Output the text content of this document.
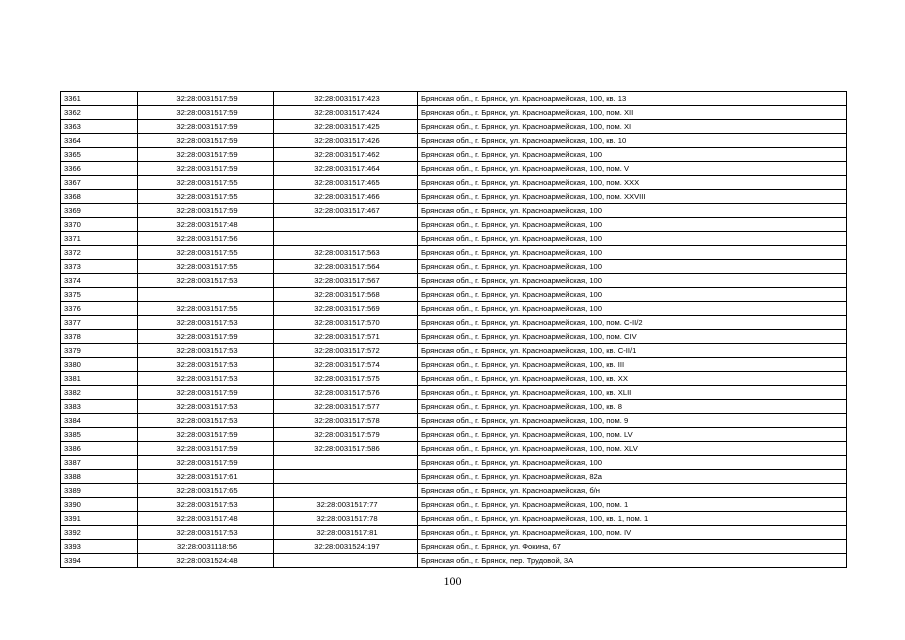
3361	32:28:0031517:59	32:28:0031517:423	Брянская обл., г. Брянск, ул. Красноармейская, 100, кв. 13
3362	32:28:0031517:59	32:28:0031517:424	Брянская обл., г. Брянск, ул. Красноармейская, 100, пом. XII
3363	32:28:0031517:59	32:28:0031517:425	Брянская обл., г. Брянск, ул. Красноармейская, 100, пом. XI
3364	32:28:0031517:59	32:28:0031517:426	Брянская обл., г. Брянск, ул. Красноармейская, 100, кв. 10
3365	32:28:0031517:59	32:28:0031517:462	Брянская обл., г. Брянск, ул. Красноармейская, 100
3366	32:28:0031517:59	32:28:0031517:464	Брянская обл., г. Брянск, ул. Красноармейская, 100, пом. V
3367	32:28:0031517:55	32:28:0031517:465	Брянская обл., г. Брянск, ул. Красноармейская, 100, пом. XXX
3368	32:28:0031517:55	32:28:0031517:466	Брянская обл., г. Брянск, ул. Красноармейская, 100, пом. XXVIII
3369	32:28:0031517:59	32:28:0031517:467	Брянская обл., г. Брянск, ул. Красноармейская, 100
3370	32:28:0031517:48		Брянская обл., г. Брянск, ул. Красноармейская, 100
3371	32:28:0031517:56		Брянская обл., г. Брянск, ул. Красноармейская, 100
3372	32:28:0031517:55	32:28:0031517:563	Брянская обл., г. Брянск, ул. Красноармейская, 100
3373	32:28:0031517:55	32:28:0031517:564	Брянская обл., г. Брянск, ул. Красноармейская, 100
3374	32:28:0031517:53	32:28:0031517:567	Брянская обл., г. Брянск, ул. Красноармейская, 100
3375		32:28:0031517:568	Брянская обл., г. Брянск, ул. Красноармейская, 100
3376	32:28:0031517:55	32:28:0031517:569	Брянская обл., г. Брянск, ул. Красноармейская, 100
3377	32:28:0031517:53	32:28:0031517:570	Брянская обл., г. Брянск, ул. Красноармейская, 100, пом. С-II/2
3378	32:28:0031517:59	32:28:0031517:571	Брянская обл., г. Брянск, ул. Красноармейская, 100, пом. CIV
3379	32:28:0031517:53	32:28:0031517:572	Брянская обл., г. Брянск, ул. Красноармейская, 100, кв. С-II/1
3380	32:28:0031517:53	32:28:0031517:574	Брянская обл., г. Брянск, ул. Красноармейская, 100, кв. III
3381	32:28:0031517:53	32:28:0031517:575	Брянская обл., г. Брянск, ул. Красноармейская, 100, кв. XX
3382	32:28:0031517:59	32:28:0031517:576	Брянская обл., г. Брянск, ул. Красноармейская, 100, кв. XLII
3383	32:28:0031517:53	32:28:0031517:577	Брянская обл., г. Брянск, ул. Красноармейская, 100, кв. 8
3384	32:28:0031517:53	32:28:0031517:578	Брянская обл., г. Брянск, ул. Красноармейская, 100, пом. 9
3385	32:28:0031517:59	32:28:0031517:579	Брянская обл., г. Брянск, ул. Красноармейская, 100, пом. LV
3386	32:28:0031517:59	32:28:0031517:586	Брянская обл., г. Брянск, ул. Красноармейская, 100, пом. XLV
3387	32:28:0031517:59		Брянская обл., г. Брянск, ул. Красноармейская, 100
3388	32:28:0031517:61		Брянская обл., г. Брянск, ул. Красноармейская, 82а
3389	32:28:0031517:65		Брянская обл., г. Брянск, ул. Красноармейская, б/н
3390	32:28:0031517:53	32:28:0031517:77	Брянская обл., г. Брянск, ул. Красноармейская, 100, пом. 1
3391	32:28:0031517:48	32:28:0031517:78	Брянская обл., г. Брянск, ул. Красноармейская, 100, кв. 1, пом. 1
3392	32:28:0031517:53	32:28:0031517:81	Брянская обл., г. Брянск, ул. Красноармейская, 100, пом. IV
3393	32:28:0031118:56	32:28:0031524:197	Брянская обл., г. Брянск, ул. Фокина, 67
3394	32:28:0031524:48		Брянская обл., г. Брянск, пер. Трудовой, 3А
100
